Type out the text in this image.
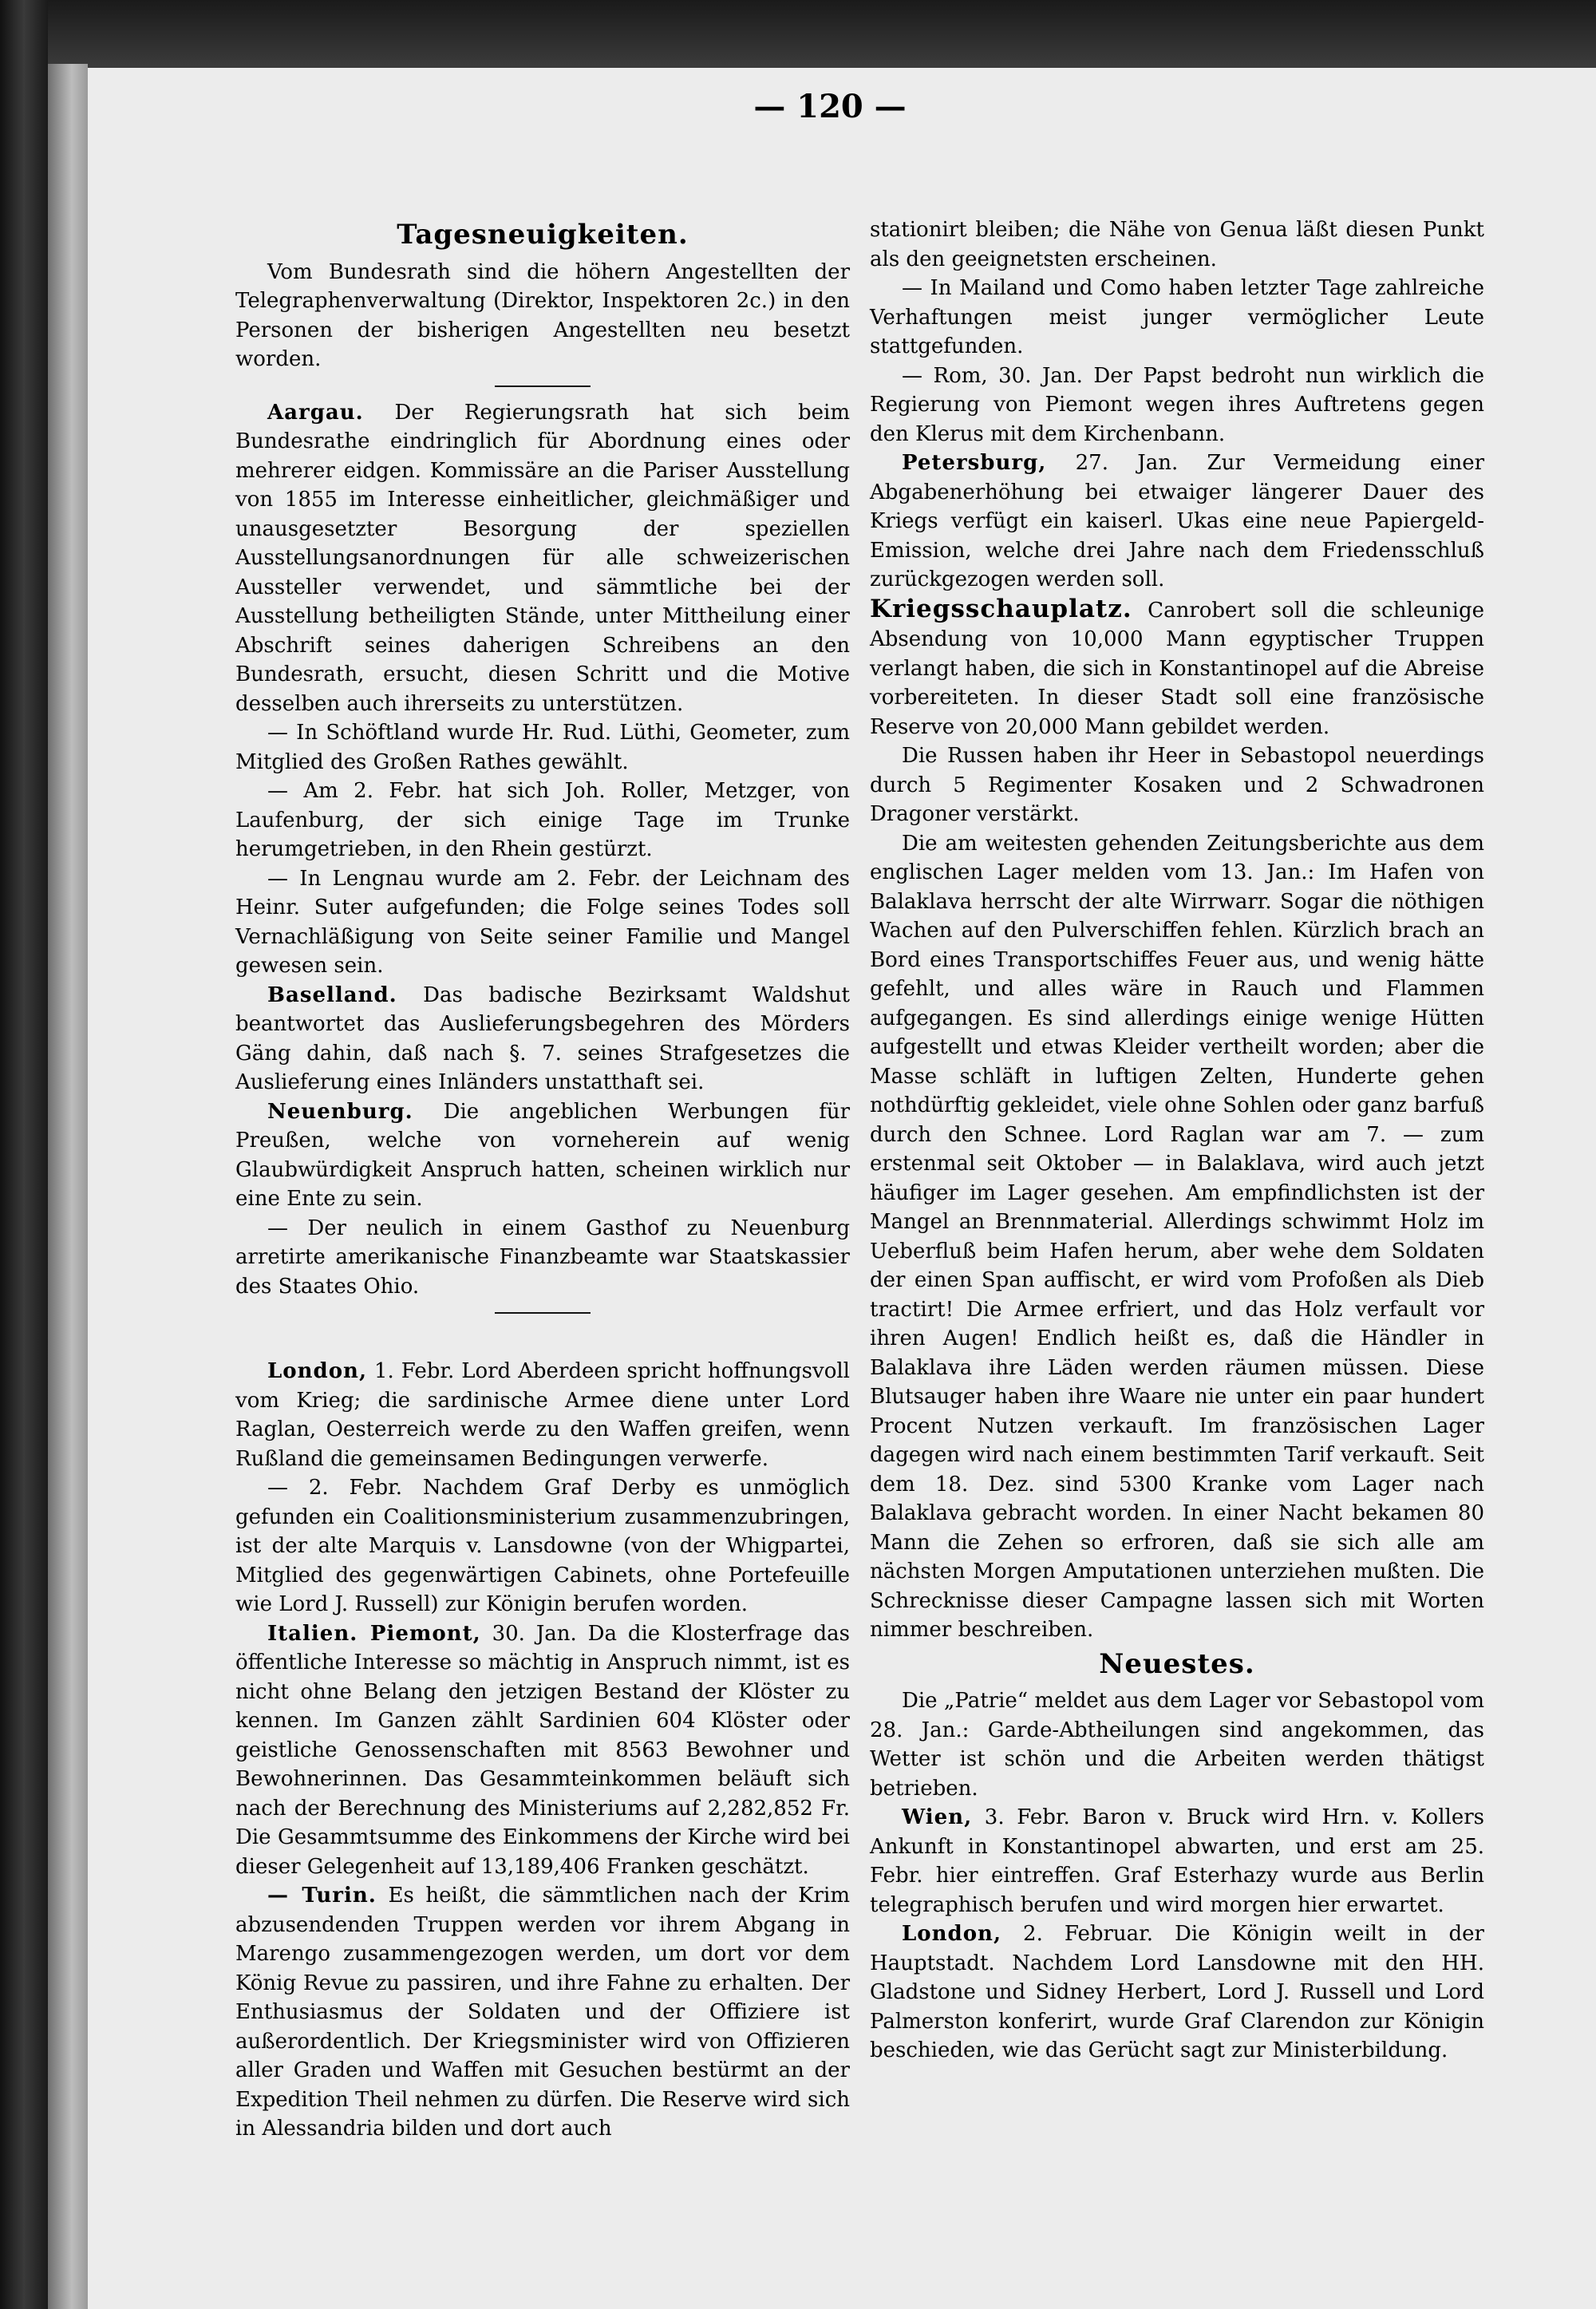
— 120 —
Tagesneuigkeiten.

Vom Bundesrath sind die höhern Angestellten der Telegraphenverwaltung (Direktor, Inspektoren 2c.) in den Personen der bisherigen Angestellten neu besetzt worden.

Aargau. Der Regierungsrath hat sich beim Bundesrathe eindringlich für Abordnung eines oder mehrerer eidgen. Kommissäre an die Pariser Ausstellung von 1855 im Interesse einheitlicher, gleichmäßiger und unausgesetzter Besorgung der speziellen Ausstellungsanordnungen für alle schweizerischen Aussteller verwendet, und sämmtliche bei der Ausstellung betheiligten Stände, unter Mittheilung einer Abschrift seines daherigen Schreibens an den Bundesrath, ersucht, diesen Schritt und die Motive desselben auch ihrerseits zu unterstützen.

— In Schöftland wurde Hr. Rud. Lüthi, Geometer, zum Mitglied des Großen Rathes gewählt.

— Am 2. Febr. hat sich Joh. Roller, Metzger, von Laufenburg, der sich einige Tage im Trunke herumgetrieben, in den Rhein gestürzt.

— In Lengnau wurde am 2. Febr. der Leichnam des Heinr. Suter aufgefunden; die Folge seines Todes soll Vernachläßigung von Seite seiner Familie und Mangel gewesen sein.

Baselland. Das badische Bezirksamt Waldshut beantwortet das Auslieferungsbegehren des Mörders Gäng dahin, daß nach §. 7. seines Strafgesetzes die Auslieferung eines Inländers unstatthaft sei.

Neuenburg. Die angeblichen Werbungen für Preußen, welche von vorneherein auf wenig Glaubwürdigkeit Anspruch hatten, scheinen wirklich nur eine Ente zu sein.

— Der neulich in einem Gasthof zu Neuenburg arretirte amerikanische Finanzbeamte war Staatskassier des Staates Ohio.

London, 1. Febr. Lord Aberdeen spricht hoffnungsvoll vom Krieg; die sardinische Armee diene unter Lord Raglan, Oesterreich werde zu den Waffen greifen, wenn Rußland die gemeinsamen Bedingungen verwerfe.

— 2. Febr. Nachdem Graf Derby es unmöglich gefunden ein Coalitionsministerium zusammenzubringen, ist der alte Marquis v. Lansdowne (von der Whigpartei, Mitglied des gegenwärtigen Cabinets, ohne Portefeuille wie Lord J. Russell) zur Königin berufen worden.

Italien. Piemont, 30. Jan. Da die Klosterfrage das öffentliche Interesse so mächtig in Anspruch nimmt, ist es nicht ohne Belang den jetzigen Bestand der Klöster zu kennen. Im Ganzen zählt Sardinien 604 Klöster oder geistliche Genossenschaften mit 8563 Bewohner und Bewohnerinnen. Das Gesammteinkommen beläuft sich nach der Berechnung des Ministeriums auf 2,282,852 Fr. Die Gesammtsumme des Einkommens der Kirche wird bei dieser Gelegenheit auf 13,189,406 Franken geschätzt.

— Turin. Es heißt, die sämmtlichen nach der Krim abzusendenden Truppen werden vor ihrem Abgang in Marengo zusammengezogen werden, um dort vor dem König Revue zu passiren, und ihre Fahne zu erhalten. Der Enthusiasmus der Soldaten und der Offiziere ist außerordentlich. Der Kriegsminister wird von Offizieren aller Graden und Waffen mit Gesuchen bestürmt an der Expedition Theil nehmen zu dürfen. Die Reserve wird sich in Alessandria bilden und dort auch

stationirt bleiben; die Nähe von Genua läßt diesen Punkt als den geeignetsten erscheinen.

— In Mailand und Como haben letzter Tage zahlreiche Verhaftungen meist junger vermöglicher Leute stattgefunden.

— Rom, 30. Jan. Der Papst bedroht nun wirklich die Regierung von Piemont wegen ihres Auftretens gegen den Klerus mit dem Kirchenbann.

Petersburg, 27. Jan. Zur Vermeidung einer Abgabenerhöhung bei etwaiger längerer Dauer des Kriegs verfügt ein kaiserl. Ukas eine neue Papiergeld-Emission, welche drei Jahre nach dem Friedensschluß zurückgezogen werden soll.

Kriegsschauplatz. Canrobert soll die schleunige Absendung von 10,000 Mann egyptischer Truppen verlangt haben, die sich in Konstantinopel auf die Abreise vorbereiteten. In dieser Stadt soll eine französische Reserve von 20,000 Mann gebildet werden.

Die Russen haben ihr Heer in Sebastopol neuerdings durch 5 Regimenter Kosaken und 2 Schwadronen Dragoner verstärkt.

Die am weitesten gehenden Zeitungsberichte aus dem englischen Lager melden vom 13. Jan.: Im Hafen von Balaklava herrscht der alte Wirrwarr. Sogar die nöthigen Wachen auf den Pulverschiffen fehlen. Kürzlich brach an Bord eines Transportschiffes Feuer aus, und wenig hätte gefehlt, und alles wäre in Rauch und Flammen aufgegangen. Es sind allerdings einige wenige Hütten aufgestellt und etwas Kleider vertheilt worden; aber die Masse schläft in luftigen Zelten, Hunderte gehen nothdürftig gekleidet, viele ohne Sohlen oder ganz barfuß durch den Schnee. Lord Raglan war am 7. — zum erstenmal seit Oktober — in Balaklava, wird auch jetzt häufiger im Lager gesehen. Am empfindlichsten ist der Mangel an Brennmaterial. Allerdings schwimmt Holz im Ueberfluß beim Hafen herum, aber wehe dem Soldaten der einen Span auffischt, er wird vom Profoßen als Dieb tractirt! Die Armee erfriert, und das Holz verfault vor ihren Augen! Endlich heißt es, daß die Händler in Balaklava ihre Läden werden räumen müssen. Diese Blutsauger haben ihre Waare nie unter ein paar hundert Procent Nutzen verkauft. Im französischen Lager dagegen wird nach einem bestimmten Tarif verkauft. Seit dem 18. Dez. sind 5300 Kranke vom Lager nach Balaklava gebracht worden. In einer Nacht bekamen 80 Mann die Zehen so erfroren, daß sie sich alle am nächsten Morgen Amputationen unterziehen mußten. Die Schrecknisse dieser Campagne lassen sich mit Worten nimmer beschreiben.

Neuestes.

Die „Patrie“ meldet aus dem Lager vor Sebastopol vom 28. Jan.: Garde-Abtheilungen sind angekommen, das Wetter ist schön und die Arbeiten werden thätigst betrieben.

Wien, 3. Febr. Baron v. Bruck wird Hrn. v. Kollers Ankunft in Konstantinopel abwarten, und erst am 25. Febr. hier eintreffen. Graf Esterhazy wurde aus Berlin telegraphisch berufen und wird morgen hier erwartet.

London, 2. Februar. Die Königin weilt in der Hauptstadt. Nachdem Lord Lansdowne mit den HH. Gladstone und Sidney Herbert, Lord J. Russell und Lord Palmerston konferirt, wurde Graf Clarendon zur Königin beschieden, wie das Gerücht sagt zur Ministerbildung.
